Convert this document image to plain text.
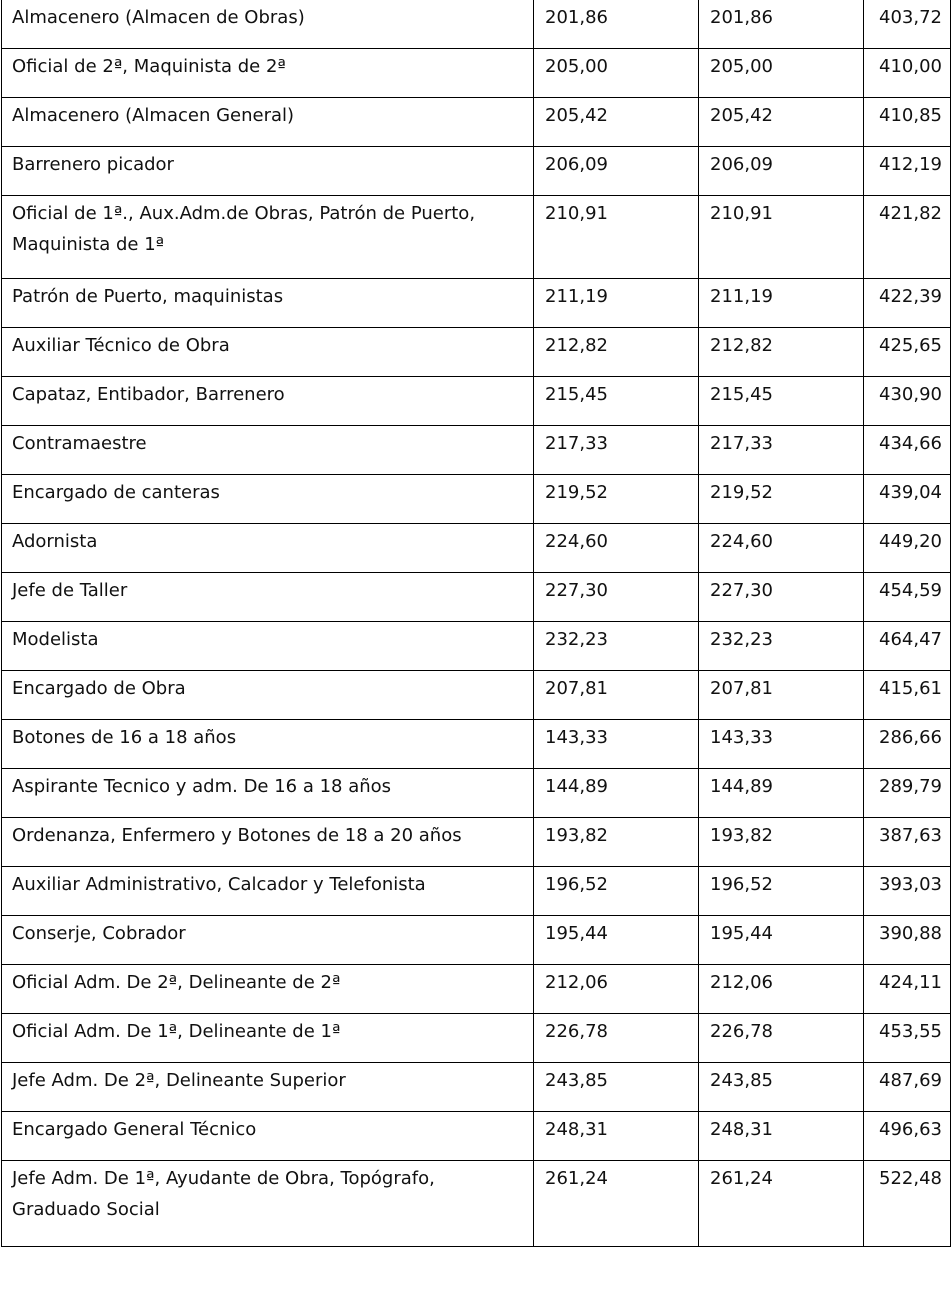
Almacenero (Almacen de Obras)	201,86	201,86	403,72
Oficial de 2ª, Maquinista de 2ª	205,00	205,00	410,00
Almacenero (Almacen General)	205,42	205,42	410,85
Barrenero picador	206,09	206,09	412,19
Oficial de 1ª., Aux.Adm.de Obras, Patrón de Puerto, Maquinista de 1ª	210,91	210,91	421,82
Patrón de Puerto, maquinistas	211,19	211,19	422,39
Auxiliar Técnico de Obra	212,82	212,82	425,65
Capataz, Entibador, Barrenero	215,45	215,45	430,90
Contramaestre	217,33	217,33	434,66
Encargado de canteras	219,52	219,52	439,04
Adornista	224,60	224,60	449,20
Jefe de Taller	227,30	227,30	454,59
Modelista	232,23	232,23	464,47
Encargado de Obra	207,81	207,81	415,61
Botones de 16 a 18 años	143,33	143,33	286,66
Aspirante Tecnico y adm. De 16 a 18 años	144,89	144,89	289,79
Ordenanza, Enfermero y Botones de 18 a 20 años	193,82	193,82	387,63
Auxiliar Administrativo, Calcador y Telefonista	196,52	196,52	393,03
Conserje, Cobrador	195,44	195,44	390,88
Oficial Adm. De 2ª, Delineante de 2ª	212,06	212,06	424,11
Oficial Adm. De 1ª, Delineante de 1ª	226,78	226,78	453,55
Jefe Adm. De 2ª, Delineante Superior	243,85	243,85	487,69
Encargado General Técnico	248,31	248,31	496,63
Jefe Adm. De 1ª, Ayudante de Obra, Topógrafo, Graduado Social	261,24	261,24	522,48
